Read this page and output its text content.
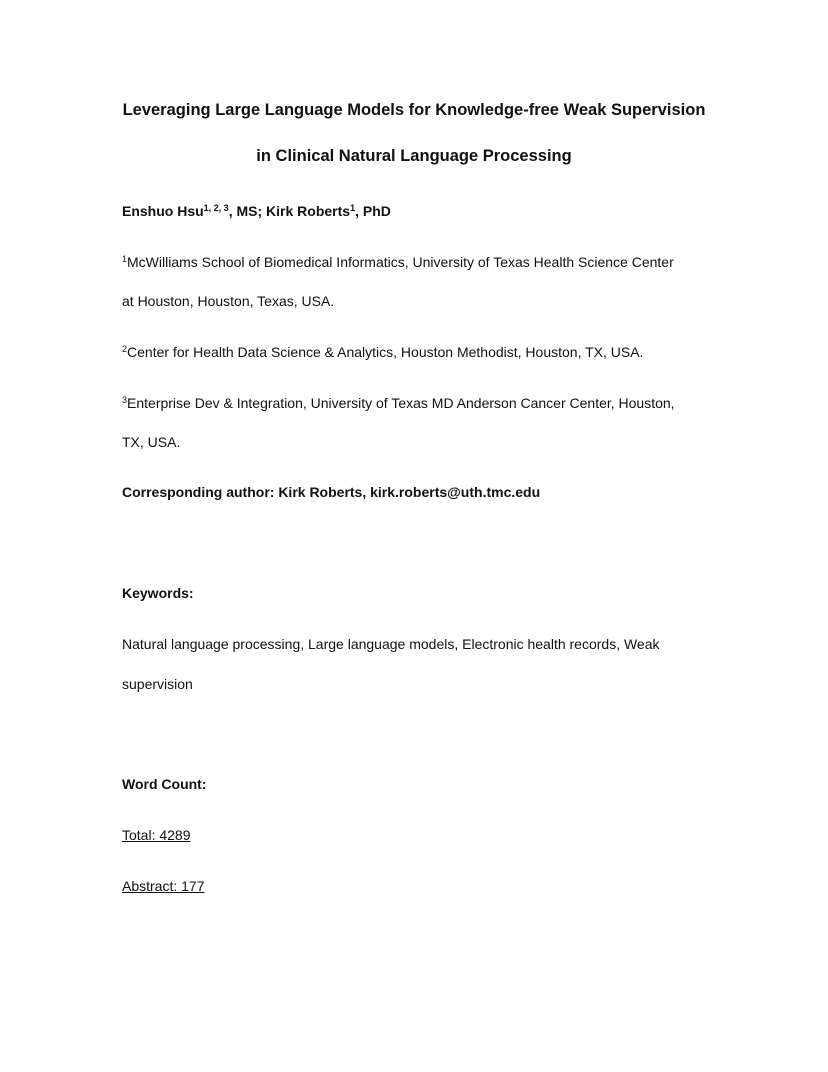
Leveraging Large Language Models for Knowledge-free Weak Supervision
in Clinical Natural Language Processing
Enshuo Hsu$^{1, 2, 3}$, MS; Kirk Roberts$^1$, PhD
$^1$McWilliams School of Biomedical Informatics, University of Texas Health Science Center
at Houston, Houston, Texas, USA.
$^2$Center for Health Data Science & Analytics, Houston Methodist, Houston, TX, USA.
$^3$Enterprise Dev & Integration, University of Texas MD Anderson Cancer Center, Houston,
TX, USA.
Corresponding author: Kirk Roberts, kirk.roberts@uth.tmc.edu
Keywords:
Natural language processing, Large language models, Electronic health records, Weak
supervision
Word Count:
Total: 4289
Abstract: 177
